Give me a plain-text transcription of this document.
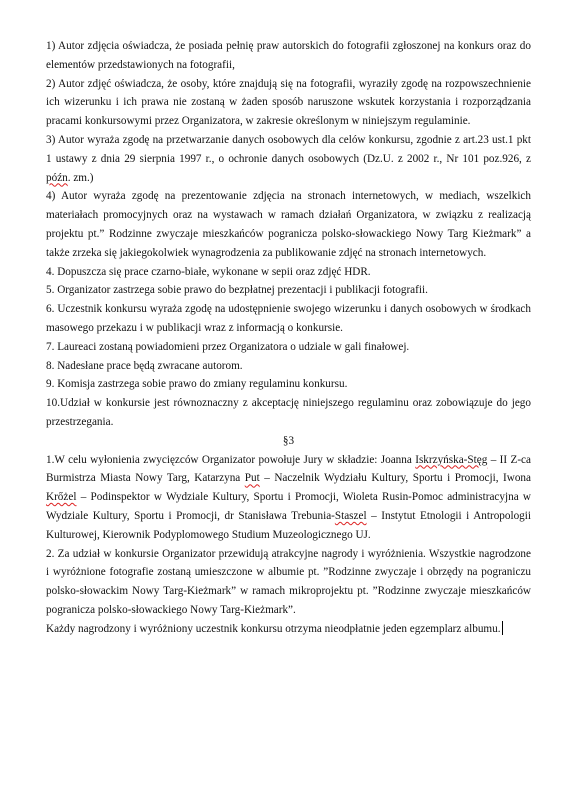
1) Autor zdjęcia oświadcza, że posiada pełnię praw autorskich do fotografii zgłoszonej na konkurs oraz do elementów przedstawionych na fotografii,

2) Autor zdjęć oświadcza, że osoby, które znajdują się na fotografii, wyraziły zgodę na rozpowszechnienie ich wizerunku i ich prawa nie zostaną w żaden sposób naruszone wskutek korzystania i rozporządzania pracami konkursowymi przez Organizatora, w zakresie określonym w niniejszym regulaminie.

3) Autor wyraża zgodę na przetwarzanie danych osobowych dla celów konkursu, zgodnie z art.23 ust.1 pkt 1 ustawy z dnia 29 sierpnia 1997 r., o ochronie danych osobowych (Dz.U. z 2002 r., Nr 101 poz.926, z późn. zm.)

4) Autor wyraża zgodę na prezentowanie zdjęcia na stronach internetowych, w mediach, wszelkich materiałach promocyjnych oraz na wystawach w ramach działań Organizatora, w związku z realizacją projektu pt.” Rodzinne zwyczaje mieszkańców pogranicza polsko-słowackiego Nowy Targ Kieżmark” a także zrzeka się jakiegokolwiek wynagrodzenia za publikowanie zdjęć na stronach internetowych.

4. Dopuszcza się prace czarno-białe, wykonane w sepii oraz zdjęć HDR.

5. Organizator zastrzega sobie prawo do bezpłatnej prezentacji i publikacji fotografii.

6. Uczestnik konkursu wyraża zgodę na udostępnienie swojego wizerunku i danych osobowych w środkach masowego przekazu i w publikacji wraz z informacją o konkursie.

7. Laureaci zostaną powiadomieni przez Organizatora o udziale w gali finałowej.

8. Nadesłane prace będą zwracane autorom.

9. Komisja zastrzega sobie prawo do zmiany regulaminu konkursu.

10.Udział w konkursie jest równoznaczny z akceptację niniejszego regulaminu oraz zobowiązuje do jego przestrzegania.

§3

1.W celu wyłonienia zwycięzców Organizator powołuje Jury w składzie: Joanna Iskrzyńska-Stęg – II Z-ca Burmistrza Miasta Nowy Targ, Katarzyna Put – Naczelnik Wydziału Kultury, Sportu i Promocji, Iwona Krőżel – Podinspektor w Wydziale Kultury, Sportu i Promocji, Wioleta Rusin-Pomoc administracyjna w Wydziale Kultury, Sportu i Promocji, dr Stanisława Trebunia-Staszel – Instytut Etnologii i Antropologii Kulturowej, Kierownik Podyplomowego Studium Muzeologicznego UJ.

2. Za udział w konkursie Organizator przewidują atrakcyjne nagrody i wyróżnienia. Wszystkie nagrodzone i wyróżnione fotografie zostaną umieszczone w albumie pt. ”Rodzinne zwyczaje i obrzędy na pograniczu polsko-słowackim Nowy Targ-Kieżmark” w ramach mikroprojektu pt. ”Rodzinne zwyczaje mieszkańców pogranicza polsko-słowackiego Nowy Targ-Kieżmark”.

Każdy nagrodzony i wyróżniony uczestnik konkursu otrzyma nieodpłatnie jeden egzemplarz albumu.
